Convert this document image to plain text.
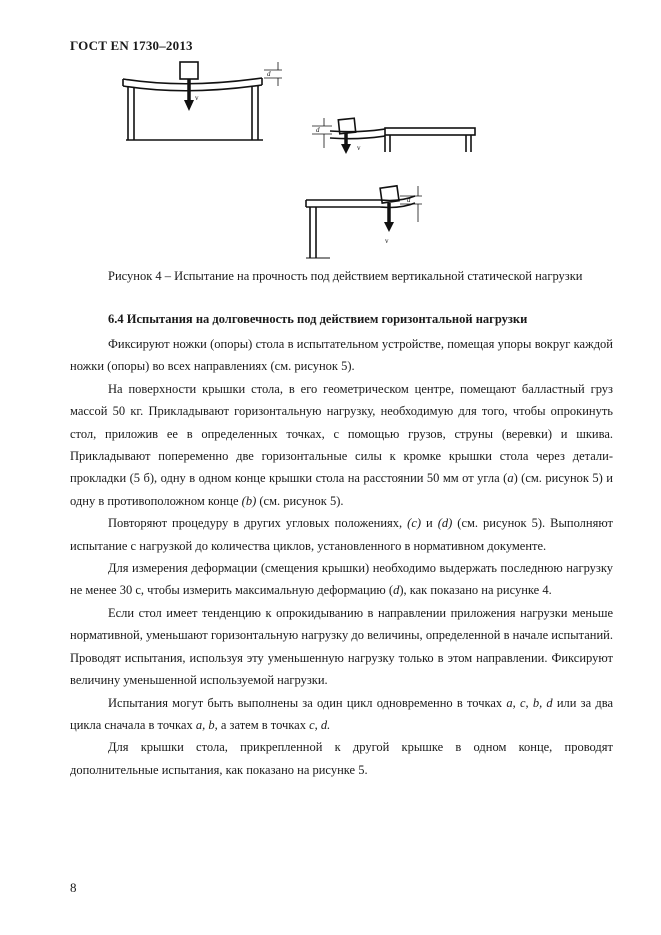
ГОСТ EN 1730–2013
v
d
d
v
v
d
Рисунок 4 – Испытание на прочность под действием вертикальной статической нагрузки
6.4 Испытания на долговечность под действием горизонтальной нагрузки

Фиксируют ножки (опоры) стола в испытательном устройстве, помещая упоры вокруг каждой ножки (опоры) во всех направлениях (см. рисунок 5).

На поверхности крышки стола, в его геометрическом центре, помещают балластный груз массой 50 кг. Прикладывают горизонтальную нагрузку, необходимую для того, чтобы опрокинуть стол, приложив ее в определенных точках, с помощью грузов, струны (веревки) и шкива. Прикладывают попеременно две горизонтальные силы к кромке крышки стола через детали-прокладки (5 б), одну в одном конце крышки стола на расстоянии 50 мм от угла (a) (см. рисунок 5) и одну в противоположном конце (b) (см. рисунок 5).

Повторяют процедуру в других угловых положениях, (c) и (d) (см. рисунок 5). Выполняют испытание с нагрузкой до количества циклов, установленного в нормативном документе.

Для измерения деформации (смещения крышки) необходимо выдержать последнюю нагрузку не менее 30 с, чтобы измерить максимальную деформацию (d), как показано на рисунке 4.

Если стол имеет тенденцию к опрокидыванию в направлении приложения нагрузки меньше нормативной, уменьшают горизонтальную нагрузку до величины, определенной в начале испытаний. Проводят испытания, используя эту уменьшенную нагрузку только в этом направлении. Фиксируют величину уменьшенной используемой нагрузки.

Испытания могут быть выполнены за один цикл одновременно в точках a, c, b, d или за два цикла сначала в точках a, b, а затем в точках c, d.

Для крышки стола, прикрепленной к другой крышке в одном конце, проводят дополнительные испытания, как показано на рисунке 5.

8
